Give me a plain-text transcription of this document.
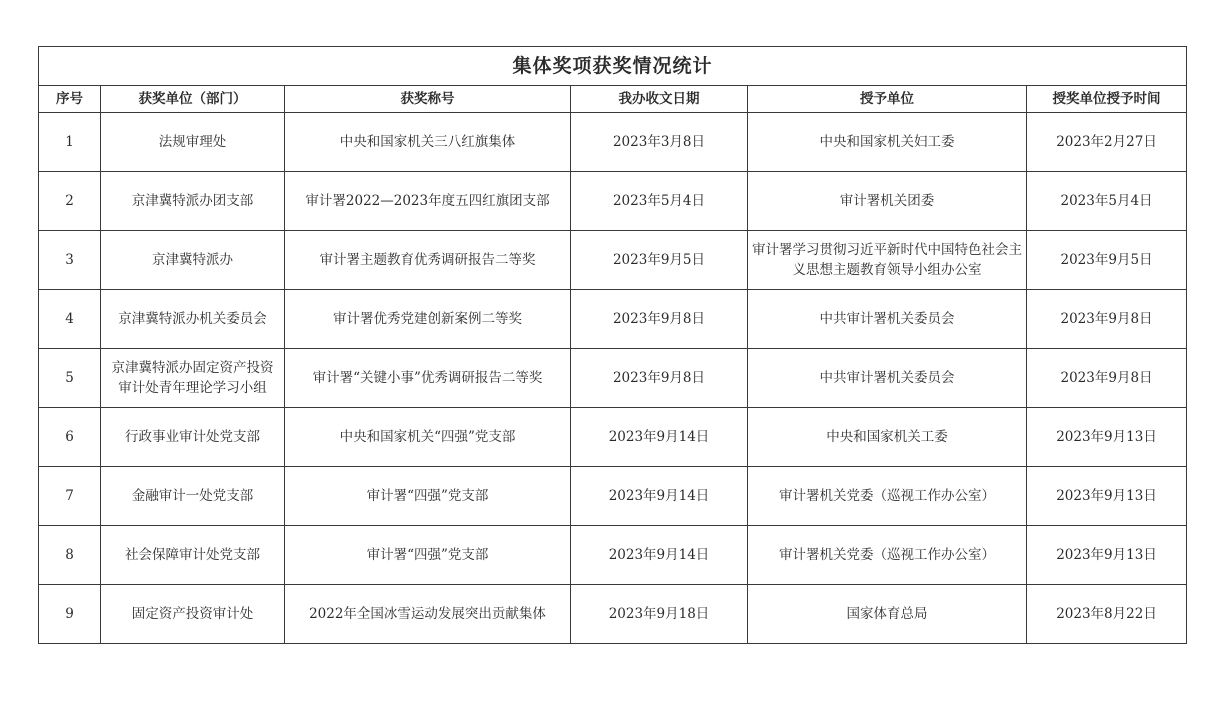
集体奖项获奖情况统计					
序号	获奖单位（部门）	获奖称号	我办收文日期	授予单位	授奖单位授予时间
1	法规审理处	中央和国家机关三八红旗集体	2023年3月8日	中央和国家机关妇工委	2023年2月27日
2	京津冀特派办团支部	审计署2022—2023年度五四红旗团支部	2023年5月4日	审计署机关团委	2023年5月4日
3	京津冀特派办	审计署主题教育优秀调研报告二等奖	2023年9月5日	审计署学习贯彻习近平新时代中国特色社会主义思想主题教育领导小组办公室	2023年9月5日
4	京津冀特派办机关委员会	审计署优秀党建创新案例二等奖	2023年9月8日	中共审计署机关委员会	2023年9月8日
5	京津冀特派办固定资产投资审计处青年理论学习小组	审计署“关键小事”优秀调研报告二等奖	2023年9月8日	中共审计署机关委员会	2023年9月8日
6	行政事业审计处党支部	中央和国家机关“四强”党支部	2023年9月14日	中央和国家机关工委	2023年9月13日
7	金融审计一处党支部	审计署“四强”党支部	2023年9月14日	审计署机关党委（巡视工作办公室）	2023年9月13日
8	社会保障审计处党支部	审计署“四强”党支部	2023年9月14日	审计署机关党委（巡视工作办公室）	2023年9月13日
9	固定资产投资审计处	2022年全国冰雪运动发展突出贡献集体	2023年9月18日	国家体育总局	2023年8月22日
